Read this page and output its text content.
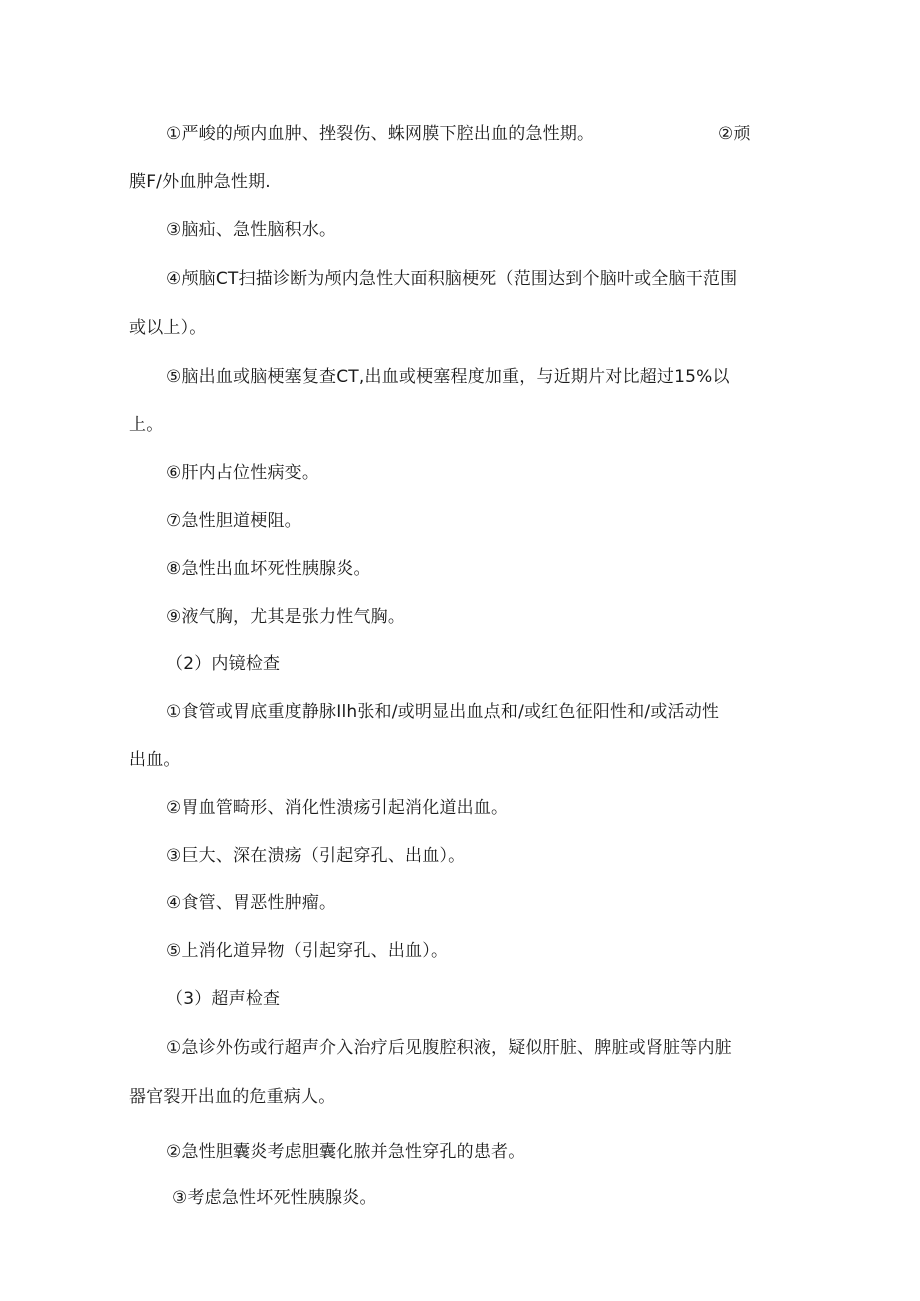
①严峻的颅内血肿、挫裂伤、蛛网膜下腔出血的急性期。	②顽
膜F/外血肿急性期.
③脑疝、急性脑积水。
④颅脑CT扫描诊断为颅内急性大面积脑梗死（范围达到个脑叶或全脑干范围
或以上）。
⑤脑出血或脑梗塞复查CT,出血或梗塞程度加重，与近期片对比超过15%以
上。
⑥肝内占位性病变。
⑦急性胆道梗阻。
⑧急性出血坏死性胰腺炎。
⑨液气胸，尤其是张力性气胸。
（2）内镜检查
①食管或胃底重度静脉Ilh张和/或明显出血点和/或红色征阳性和/或活动性
出血。
②胃血管畸形、消化性溃疡引起消化道出血。
③巨大、深在溃疡（引起穿孔、出血）。
④食管、胃恶性肿瘤。
⑤上消化道异物（引起穿孔、出血）。
（3）超声检查
①急诊外伤或行超声介入治疗后见腹腔积液，疑似肝脏、脾脏或肾脏等内脏
器官裂开出血的危重病人。
②急性胆囊炎考虑胆囊化脓并急性穿孔的患者。
③考虑急性坏死性胰腺炎。
